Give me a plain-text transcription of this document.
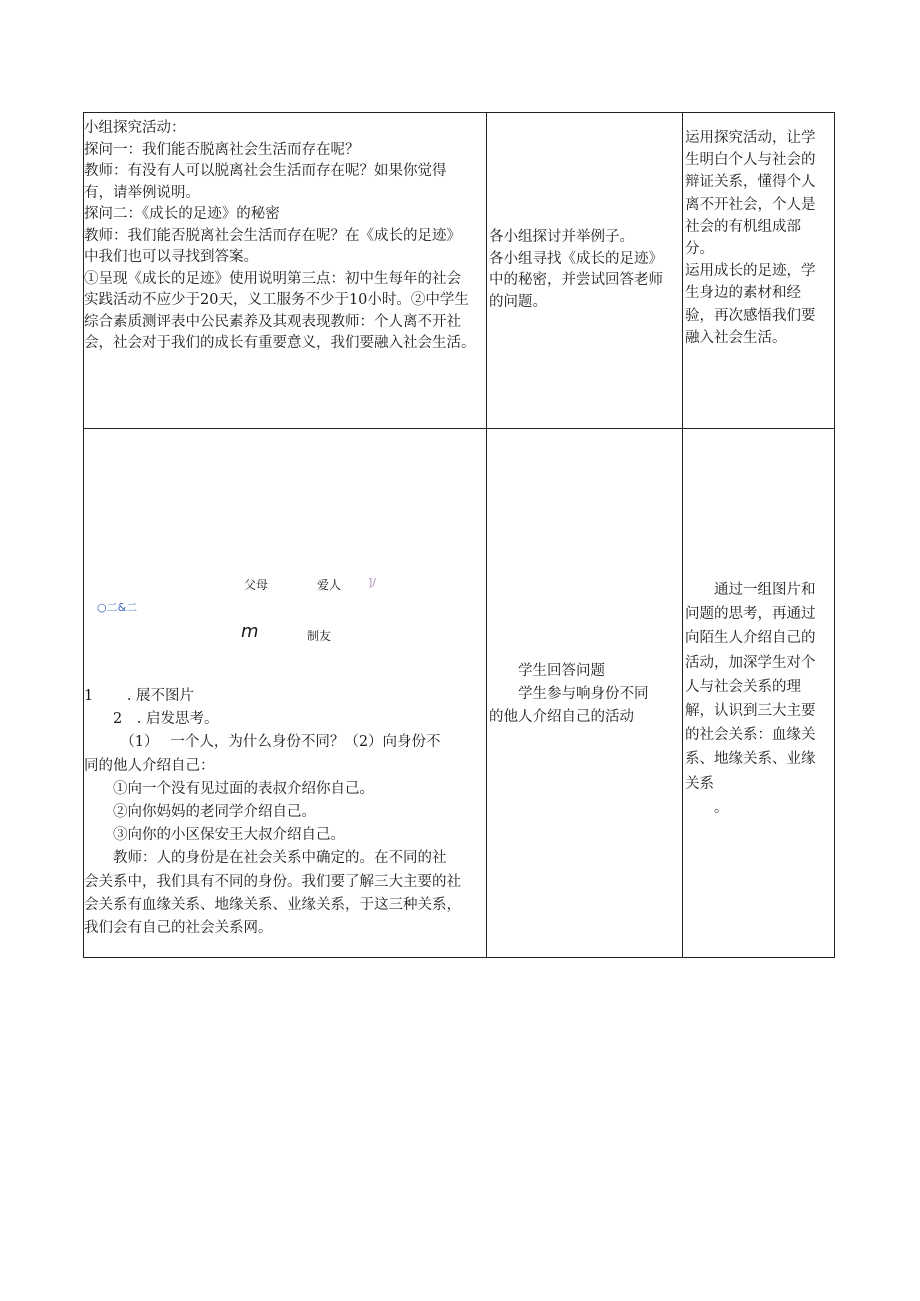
小组探究活动：
探问一：我们能否脱离社会生活而存在呢？
教师：有没有人可以脱离社会生活而存在呢？如果你觉得
有，请举例说明。
探问二：《成长的足迹》的秘密
教师：我们能否脱离社会生活而存在呢？在《成长的足迹》
中我们也可以寻找到答案。
①呈现《成长的足迹》使用说明第三点：初中生每年的社会
实践活动不应少于20天，义工服务不少于10小时。②中学生
综合素质测评表中公民素养及其观表现教师：个人离不开社
会，社会对于我们的成长有重要意义，我们要融入社会生活。
各小组探讨并举例子。
各小组寻找《成长的足迹》
中的秘密，并尝试回答老师
的问题。
运用探究活动，让学
生明白个人与社会的
辩证关系，懂得个人
离不开社会，个人是
社会的有机组成部
分。
运用成长的足迹，学
生身边的素材和经
验，再次感悟我们要
融入社会生活。
父母	爱人 ]/
○二&二
m	制友
1　　 . 展不图片
　　2　. 启发思考。
　　　（1）　 一个人，为什么身份不同？（2）向身份不
同的他人介绍自己：
　　①向一个没有见过面的表叔介绍你自己。
　　②向你妈妈的老同学介绍自己。
　　③向你的小区保安王大叔介绍自己。
　　教师：人的身份是在社会关系中确定的。在不同的社
会关系中，我们具有不同的身份。我们要了解三大主要的社
会关系有血缘关系、地缘关系、业缘关系，于这三种关系，
我们会有自己的社会关系网。
　　学生回答问题
　　学生参与响身份不同
的他人介绍自己的活动
　　通过一组图片和
问题的思考，再通过
向陌生人介绍自己的
活动，加深学生对个
人与社会关系的理
解，认识到三大主要
的社会关系：血缘关
系、地缘关系、业缘
关系
　　。
